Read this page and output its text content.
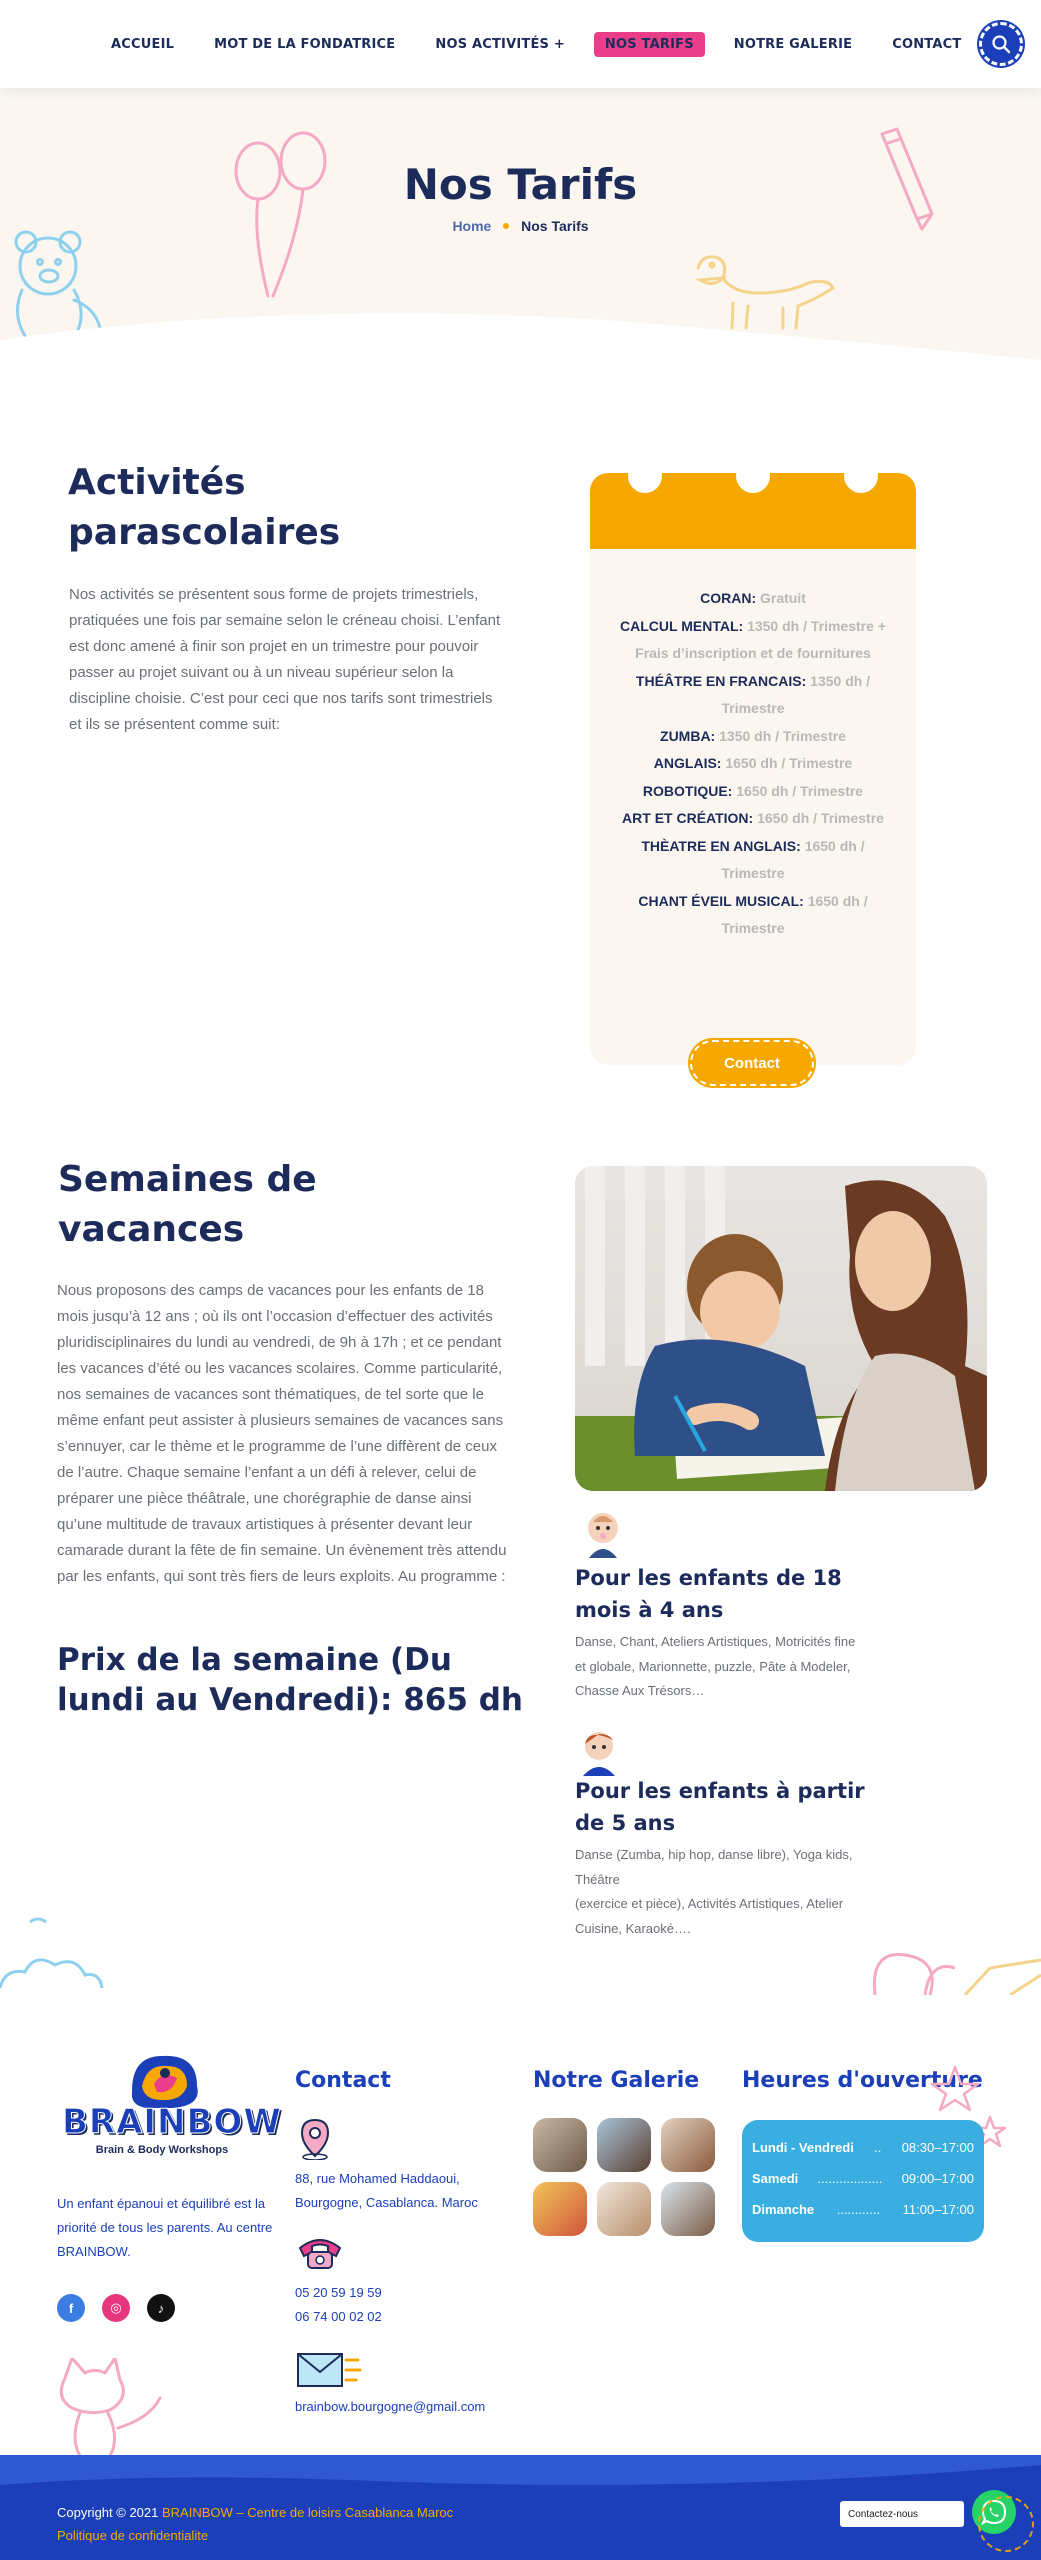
ACCUEIL	MOT DE LA FONDATRICE	NOS ACTIVITÉS +	NOS TARIFS	NOTRE GALERIE	CONTACT
Nos Tarifs
Home Nos Tarifs
Activités
parascolaires

Nos activités se présentent sous forme de projets trimestriels, pratiquées une fois par semaine selon le créneau choisi. L’enfant est donc amené à finir son projet en un trimestre pour pouvoir passer au projet suivant ou à un niveau supérieur selon la discipline choisie. C’est pour ceci que nos tarifs sont trimestriels et ils se présentent comme suit:

CORAN: Gratuit
CALCUL MENTAL: 1350 dh / Trimestre + Frais d’inscription et de fournitures
THÉÂTRE EN FRANCAIS: 1350 dh / Trimestre
ZUMBA: 1350 dh / Trimestre
ANGLAIS: 1650 dh / Trimestre
ROBOTIQUE: 1650 dh / Trimestre
ART ET CRÉATION: 1650 dh / Trimestre
THÈATRE EN ANGLAIS: 1650 dh / Trimestre
CHANT ÉVEIL MUSICAL: 1650 dh / Trimestre
Contact
Semaines de
vacances

Nous proposons des camps de vacances pour les enfants de 18 mois jusqu’à 12 ans ; où ils ont l’occasion d’effectuer des activités pluridisciplinaires du lundi au vendredi, de 9h à 17h ; et ce pendant les vacances d’été ou les vacances scolaires. Comme particularité, nos semaines de vacances sont thématiques, de tel sorte que le même enfant peut assister à plusieurs semaines de vacances sans s’ennuyer, car le thème et le programme de l’une diffèrent de ceux de l’autre. Chaque semaine l’enfant a un défi à relever, celui de préparer une pièce théâtrale, une chorégraphie de danse ainsi qu’une multitude de travaux artistiques à présenter devant leur camarade durant la fête de fin semaine. Un évènement très attendu par les enfants, qui sont très fiers de leurs exploits. Au programme :

Prix de la semaine (Du lundi au Vendredi): 865 dh
Pour les enfants de 18 mois à 4 ans

Danse, Chant, Ateliers Artistiques, Motricités fine et globale, Marionnette, puzzle, Pâte à Modeler, Chasse Aux Trésors…

Pour les enfants à partir de 5 ans
Danse (Zumba, hip hop, danse libre), Yoga kids, Théâtre
(exercice et pièce), Activités Artistiques, Atelier Cuisine, Karaoké….
BRAINBOW
Brain & Body Workshops

Un enfant épanoui et équilibré est la priorité de tous les parents. Au centre BRAINBOW.

f	◎	♪
Contact
88, rue Mohamed Haddaoui,
Bourgogne, Casablanca. Maroc
05 20 59 19 59
06 74 00 02 02
brainbow.bourgogne@gmail.com
Notre Galerie Heures d'ouverture
Lundi - Vendredi .. 08:30–17:00
Samedi .................. 09:00–17:00
Dimanche ............ 11:00–17:00
Copyright © 2021 BRAINBOW – Centre de loisirs Casablanca Maroc
Politique de confidentialite
Contactez-nous
